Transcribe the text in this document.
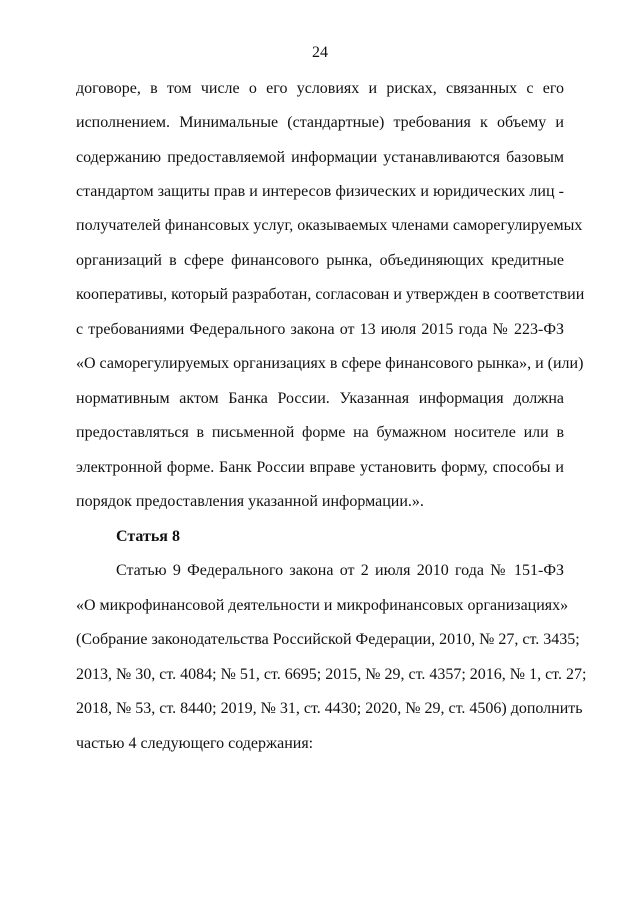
24
договоре, в том числе о его условиях и рисках, связанных с его
исполнением. Минимальные (стандартные) требования к объему и
содержанию предоставляемой информации устанавливаются базовым
стандартом защиты прав и интересов физических и юридических лиц -
получателей финансовых услуг, оказываемых членами саморегулируемых
организаций в сфере финансового рынка, объединяющих кредитные
кооперативы, который разработан, согласован и утвержден в соответствии
с требованиями Федерального закона от 13 июля 2015 года № 223-ФЗ
«О саморегулируемых организациях в сфере финансового рынка», и (или)
нормативным актом Банка России. Указанная информация должна
предоставляться в письменной форме на бумажном носителе или в
электронной форме. Банк России вправе установить форму, способы и
порядок предоставления указанной информации.».
Статья 8
Статью 9 Федерального закона от 2 июля 2010 года № 151-ФЗ
«О микрофинансовой деятельности и микрофинансовых организациях»
(Собрание законодательства Российской Федерации, 2010, № 27, ст. 3435;
2013, № 30, ст. 4084; № 51, ст. 6695; 2015, № 29, ст. 4357; 2016, № 1, ст. 27;
2018, № 53, ст. 8440; 2019, № 31, ст. 4430; 2020, № 29, ст. 4506) дополнить
частью 4 следующего содержания:
